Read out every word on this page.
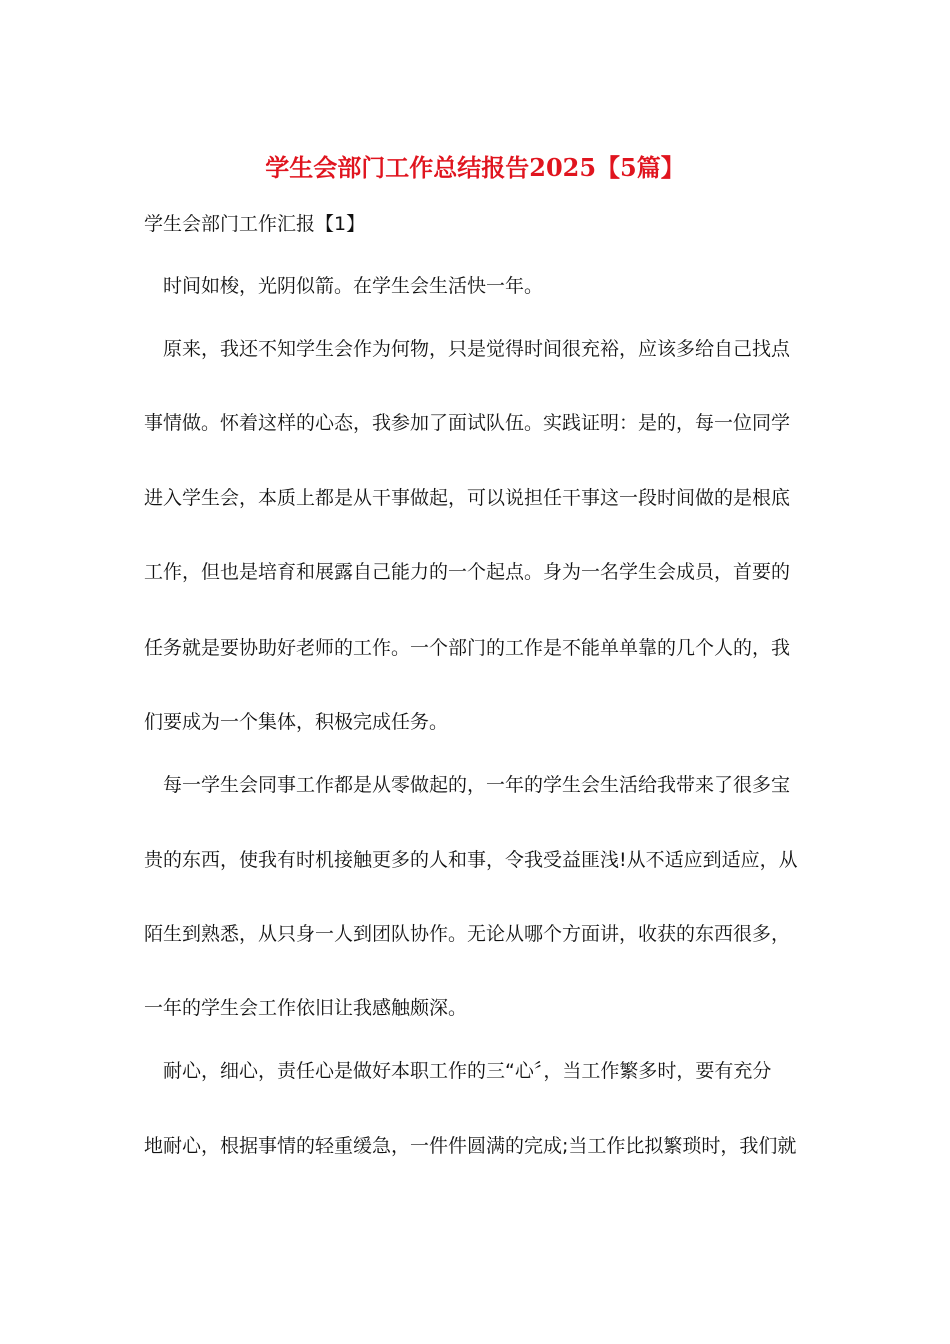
学生会部门工作总结报告2025【5篇】

学生会部门工作汇报【1】

时间如梭，光阴似箭。在学生会生活快一年。

原来，我还不知学生会作为何物，只是觉得时间很充裕，应该多给自己找点

事情做。怀着这样的心态，我参加了面试队伍。实践证明：是的，每一位同学

进入学生会，本质上都是从干事做起，可以说担任干事这一段时间做的是根底

工作，但也是培育和展露自己能力的一个起点。身为一名学生会成员，首要的

任务就是要协助好老师的工作。一个部门的工作是不能单单靠的几个人的，我

们要成为一个集体，积极完成任务。

每一学生会同事工作都是从零做起的，一年的学生会生活给我带来了很多宝

贵的东西，使我有时机接触更多的人和事，令我受益匪浅!从不适应到适应，从

陌生到熟悉，从只身一人到团队协作。无论从哪个方面讲，收获的东西很多，

一年的学生会工作依旧让我感触颇深。

耐心，细心，责任心是做好本职工作的三“心〞，当工作繁多时，要有充分

地耐心，根据事情的轻重缓急，一件件圆满的完成;当工作比拟繁琐时，我们就
